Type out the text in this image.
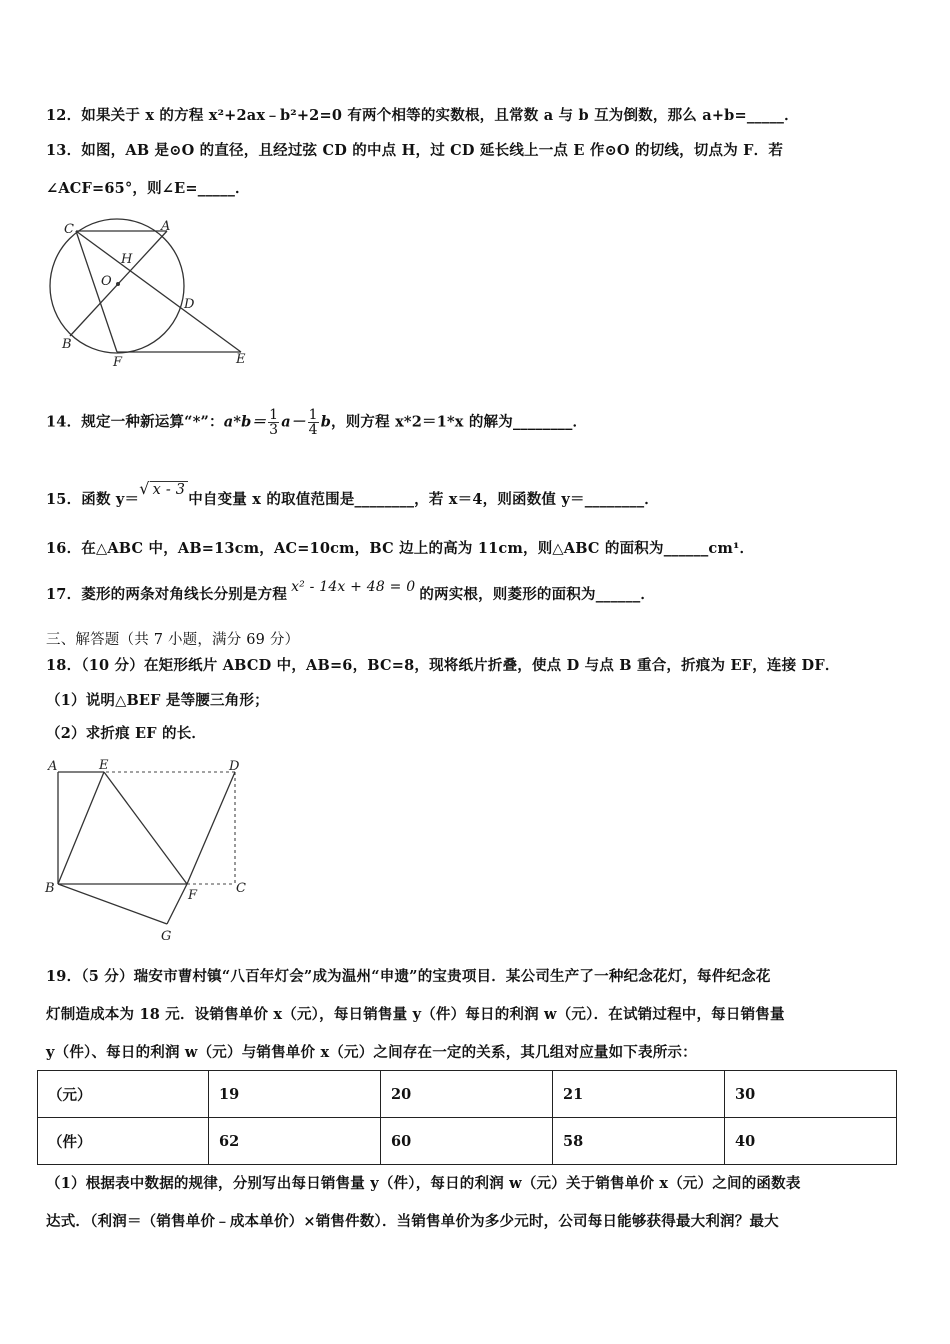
12．如果关于 x 的方程 x²+2ax﹣b²+2=0 有两个相等的实数根，且常数 a 与 b 互为倒数，那么 a+b=_____．
13．如图，AB 是⊙O 的直径，且经过弦 CD 的中点 H，过 CD 延长线上一点 E 作⊙O 的切线，切点为 F．若
∠ACF=65°，则∠E=_____．
C	A
H
O
D
B
F	E
14．规定一种新运算“*”：$a*b= \frac{1}{3} a- \frac{1}{4}$ b，则方程 x*2＝1*x 的解为________．
15．函数 y＝√ x - 3中自变量 x 的取值范围是________，若 x＝4，则函数值 y＝________．
16．在△ABC 中，AB=13cm，AC=10cm，BC 边上的高为 11cm，则△ABC 的面积为______cm¹．
17．菱形的两条对角线长分别是方程 x² - 14x + 48 = 0 的两实根，则菱形的面积为______．
三、解答题（共 7 小题，满分 69 分）
18．（10 分）在矩形纸片 ABCD 中，AB=6，BC=8，现将纸片折叠，使点 D 与点 B 重合，折痕为 EF，连接 DF．
（1）说明△BEF 是等腰三角形；
（2）求折痕 EF 的长．
A	E	D
B	F	C
G
19．（5 分）瑞安市曹村镇“八百年灯会”成为温州“申遗”的宝贵项目．某公司生产了一种纪念花灯，每件纪念花
灯制造成本为 18 元．设销售单价 x（元），每日销售量 y（件）每日的利润 w（元）．在试销过程中，每日销售量
y（件）、每日的利润 w（元）与销售单价 x（元）之间存在一定的关系，其几组对应量如下表所示：
（元）	19	20	21	30
（件）	62	60	58	40
（1）根据表中数据的规律，分别写出每日销售量 y（件），每日的利润 w（元）关于销售单价 x（元）之间的函数表
达式．（利润＝（销售单价﹣成本单价）×销售件数）．当销售单价为多少元时，公司每日能够获得最大利润？最大
